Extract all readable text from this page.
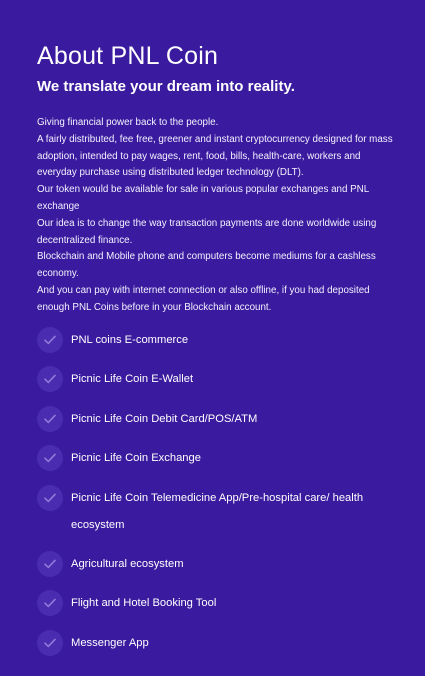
About PNL Coin
We translate your dream into reality.

Giving financial power back to the people.

A fairly distributed, fee free, greener and instant cryptocurrency designed for mass adoption, intended to pay wages, rent, food, bills, health-care, workers and everyday purchase using distributed ledger technology (DLT).

Our token would be available for sale in various popular exchanges and PNL exchange

Our idea is to change the way transaction payments are done worldwide using decentralized finance.

Blockchain and Mobile phone and computers become mediums for a cashless economy.

And you can pay with internet connection or also offline, if you had deposited enough PNL Coins before in your Blockchain account.

PNL coins E-commerce
Picnic Life Coin E-Wallet
Picnic Life Coin Debit Card/POS/ATM
Picnic Life Coin Exchange
Picnic Life Coin Telemedicine App/Pre-hospital care/ health ecosystem
Agricultural ecosystem
Flight and Hotel Booking Tool
Messenger App
